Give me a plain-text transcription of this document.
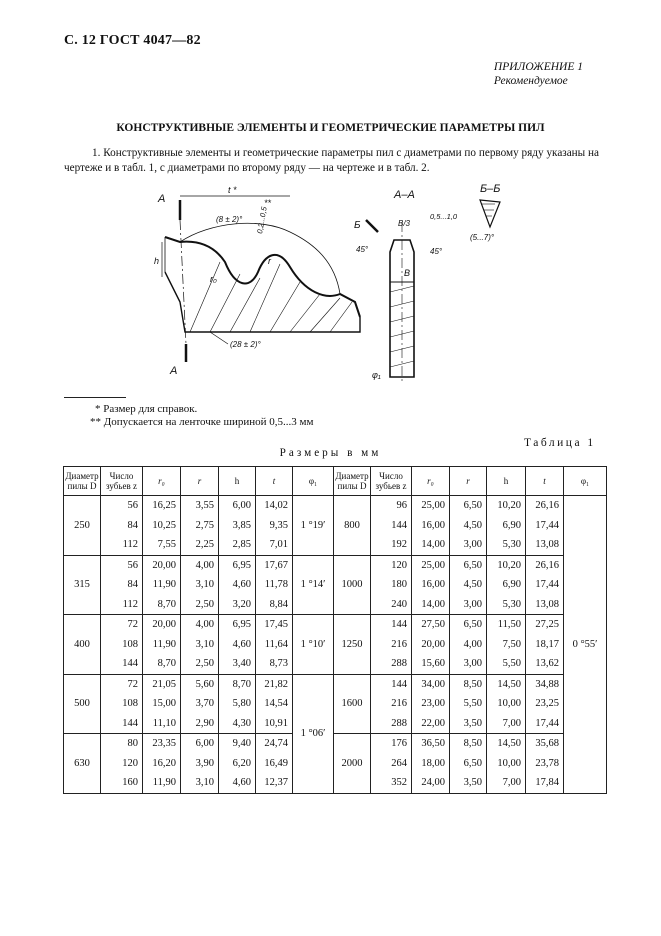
С. 12 ГОСТ 4047—82
ПРИЛОЖЕНИЕ 1
Рекомендуемое
КОНСТРУКТИВНЫЕ ЭЛЕМЕНТЫ И ГЕОМЕТРИЧЕСКИЕ ПАРАМЕТРЫ ПИЛ
1. Конструктивные элементы и геометрические параметры пил с диаметрами по первому ряду указаны на чертеже и в табл. 1, с диаметрами по второму ряду — на чертеже и в табл. 2.
А
А
t *
**
(8 ± 2)° 0,2...0,5
h	r
r₀
(28 ± 2)°
А–А
Б	B/3
0,5...1,0
45°	45°
B
φ₁
Б–Б
(5...7)°
* Размер для справок.
** Допускается на ленточке шириной 0,5...3 мм
Таблица 1
Размеры в мм
Диаметр пилы D	Число зубьев z	r₀	r	h	t	φ₁	Диаметр пилы D	Число зубьев z	r₀	r	h	t	φ₁
250	56	16,25	3,55	6,00	14,02	1 °19′	800	96	25,00	6,50	10,20	26,16	0 °55′
	84	10,25	2,75	3,85	9,35			144	16,00	4,50	6,90	17,44	
	112	7,55	2,25	2,85	7,01			192	14,00	3,00	5,30	13,08	
315	56	20,00	4,00	6,95	17,67	1 °14′	1000	120	25,00	6,50	10,20	26,16	
	84	11,90	3,10	4,60	11,78			180	16,00	4,50	6,90	17,44	
	112	8,70	2,50	3,20	8,84			240	14,00	3,00	5,30	13,08	
400	72	20,00	4,00	6,95	17,45	1 °10′	1250	144	27,50	6,50	11,50	27,25	
	108	11,90	3,10	4,60	11,64			216	20,00	4,00	7,50	18,17	
	144	8,70	2,50	3,40	8,73			288	15,60	3,00	5,50	13,62	
500	72	21,05	5,60	8,70	21,82	1 °06′	1600	144	34,00	8,50	14,50	34,88	
	108	15,00	3,70	5,80	14,54			216	23,00	5,50	10,00	23,25	
	144	11,10	2,90	4,30	10,91			288	22,00	3,50	7,00	17,44	
630	80	23,35	6,00	9,40	24,74		2000	176	36,50	8,50	14,50	35,68	
	120	16,20	3,90	6,20	16,49			264	18,00	6,50	10,00	23,78	
	160	11,90	3,10	4,60	12,37			352	24,00	3,50	7,00	17,84	
